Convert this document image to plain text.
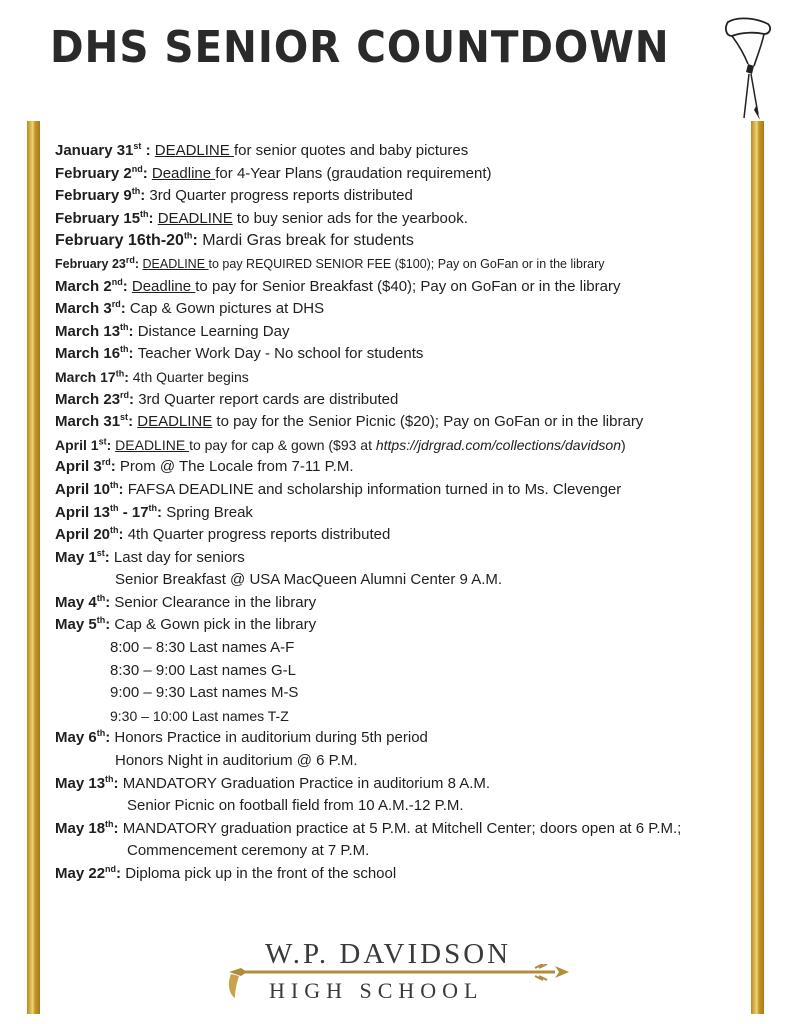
DHS SENIOR COUNTDOWN
January 31st : DEADLINE for senior quotes and baby pictures
February 2nd: Deadline for 4-Year Plans (graudation requirement)
February 9th: 3rd Quarter progress reports distributed
February 15th: DEADLINE to buy senior ads for the yearbook.
February 16th-20th: Mardi Gras break for students
February 23rd: DEADLINE to pay REQUIRED SENIOR FEE ($100); Pay on GoFan or in the library
March 2nd: Deadline to pay for Senior Breakfast ($40); Pay on GoFan or in the library
March 3rd: Cap & Gown pictures at DHS
March 13th: Distance Learning Day
March 16th: Teacher Work Day - No school for students
March 17th: 4th Quarter begins
March 23rd: 3rd Quarter report cards are distributed
March 31st: DEADLINE to pay for the Senior Picnic ($20); Pay on GoFan or in the library
April 1st: DEADLINE to pay for cap & gown ($93 at https://jdrgrad.com/collections/davidson)
April 3rd: Prom @ The Locale from 7-11 P.M.
April 10th: FAFSA DEADLINE and scholarship information turned in to Ms. Clevenger
April 13th - 17th: Spring Break
April 20th: 4th Quarter progress reports distributed
May 1st: Last day for seniors
Senior Breakfast @ USA MacQueen Alumni Center 9 A.M.
May 4th: Senior Clearance in the library
May 5th: Cap & Gown pick in the library
8:00 – 8:30 Last names A-F
8:30 – 9:00 Last names G-L
9:00 – 9:30 Last names M-S
9:30 – 10:00 Last names T-Z
May 6th: Honors Practice in auditorium during 5th period
Honors Night in auditorium @ 6 P.M.
May 13th: MANDATORY Graduation Practice in auditorium 8 A.M.
Senior Picnic on football field from 10 A.M.-12 P.M.
May 18th: MANDATORY graduation practice at 5 P.M. at Mitchell Center; doors open at 6 P.M.;
Commencement ceremony at 7 P.M.
May 22nd: Diploma pick up in the front of the school
W.P. DAVIDSON
HIGH SCHOOL
